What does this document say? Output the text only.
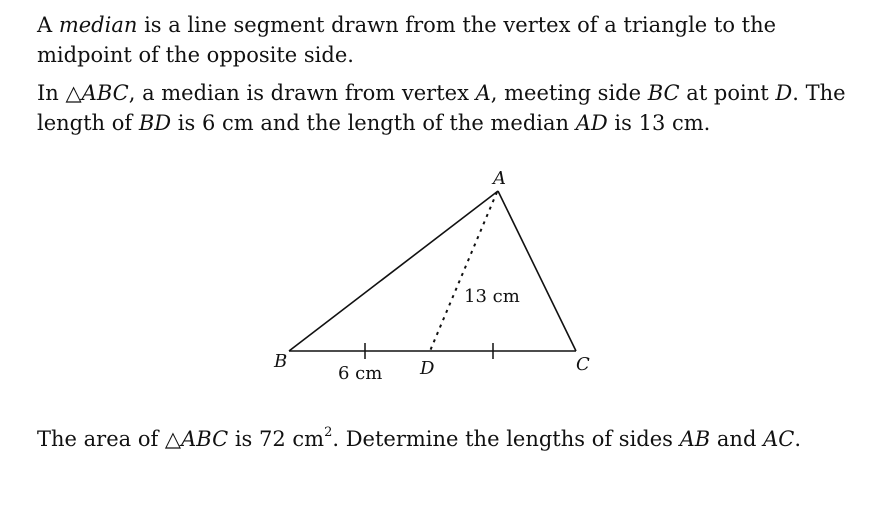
A median is a line segment drawn from the vertex of a triangle to the midpoint of the opposite side.

In △ABC, a median is drawn from vertex A, meeting side BC at point D. The length of BD is 6 cm and the length of the median AD is 13 cm.

A
B	C
D
13 cm
6 cm

The area of △ABC is 72 $cm^2$. Determine the lengths of sides AB and AC.
